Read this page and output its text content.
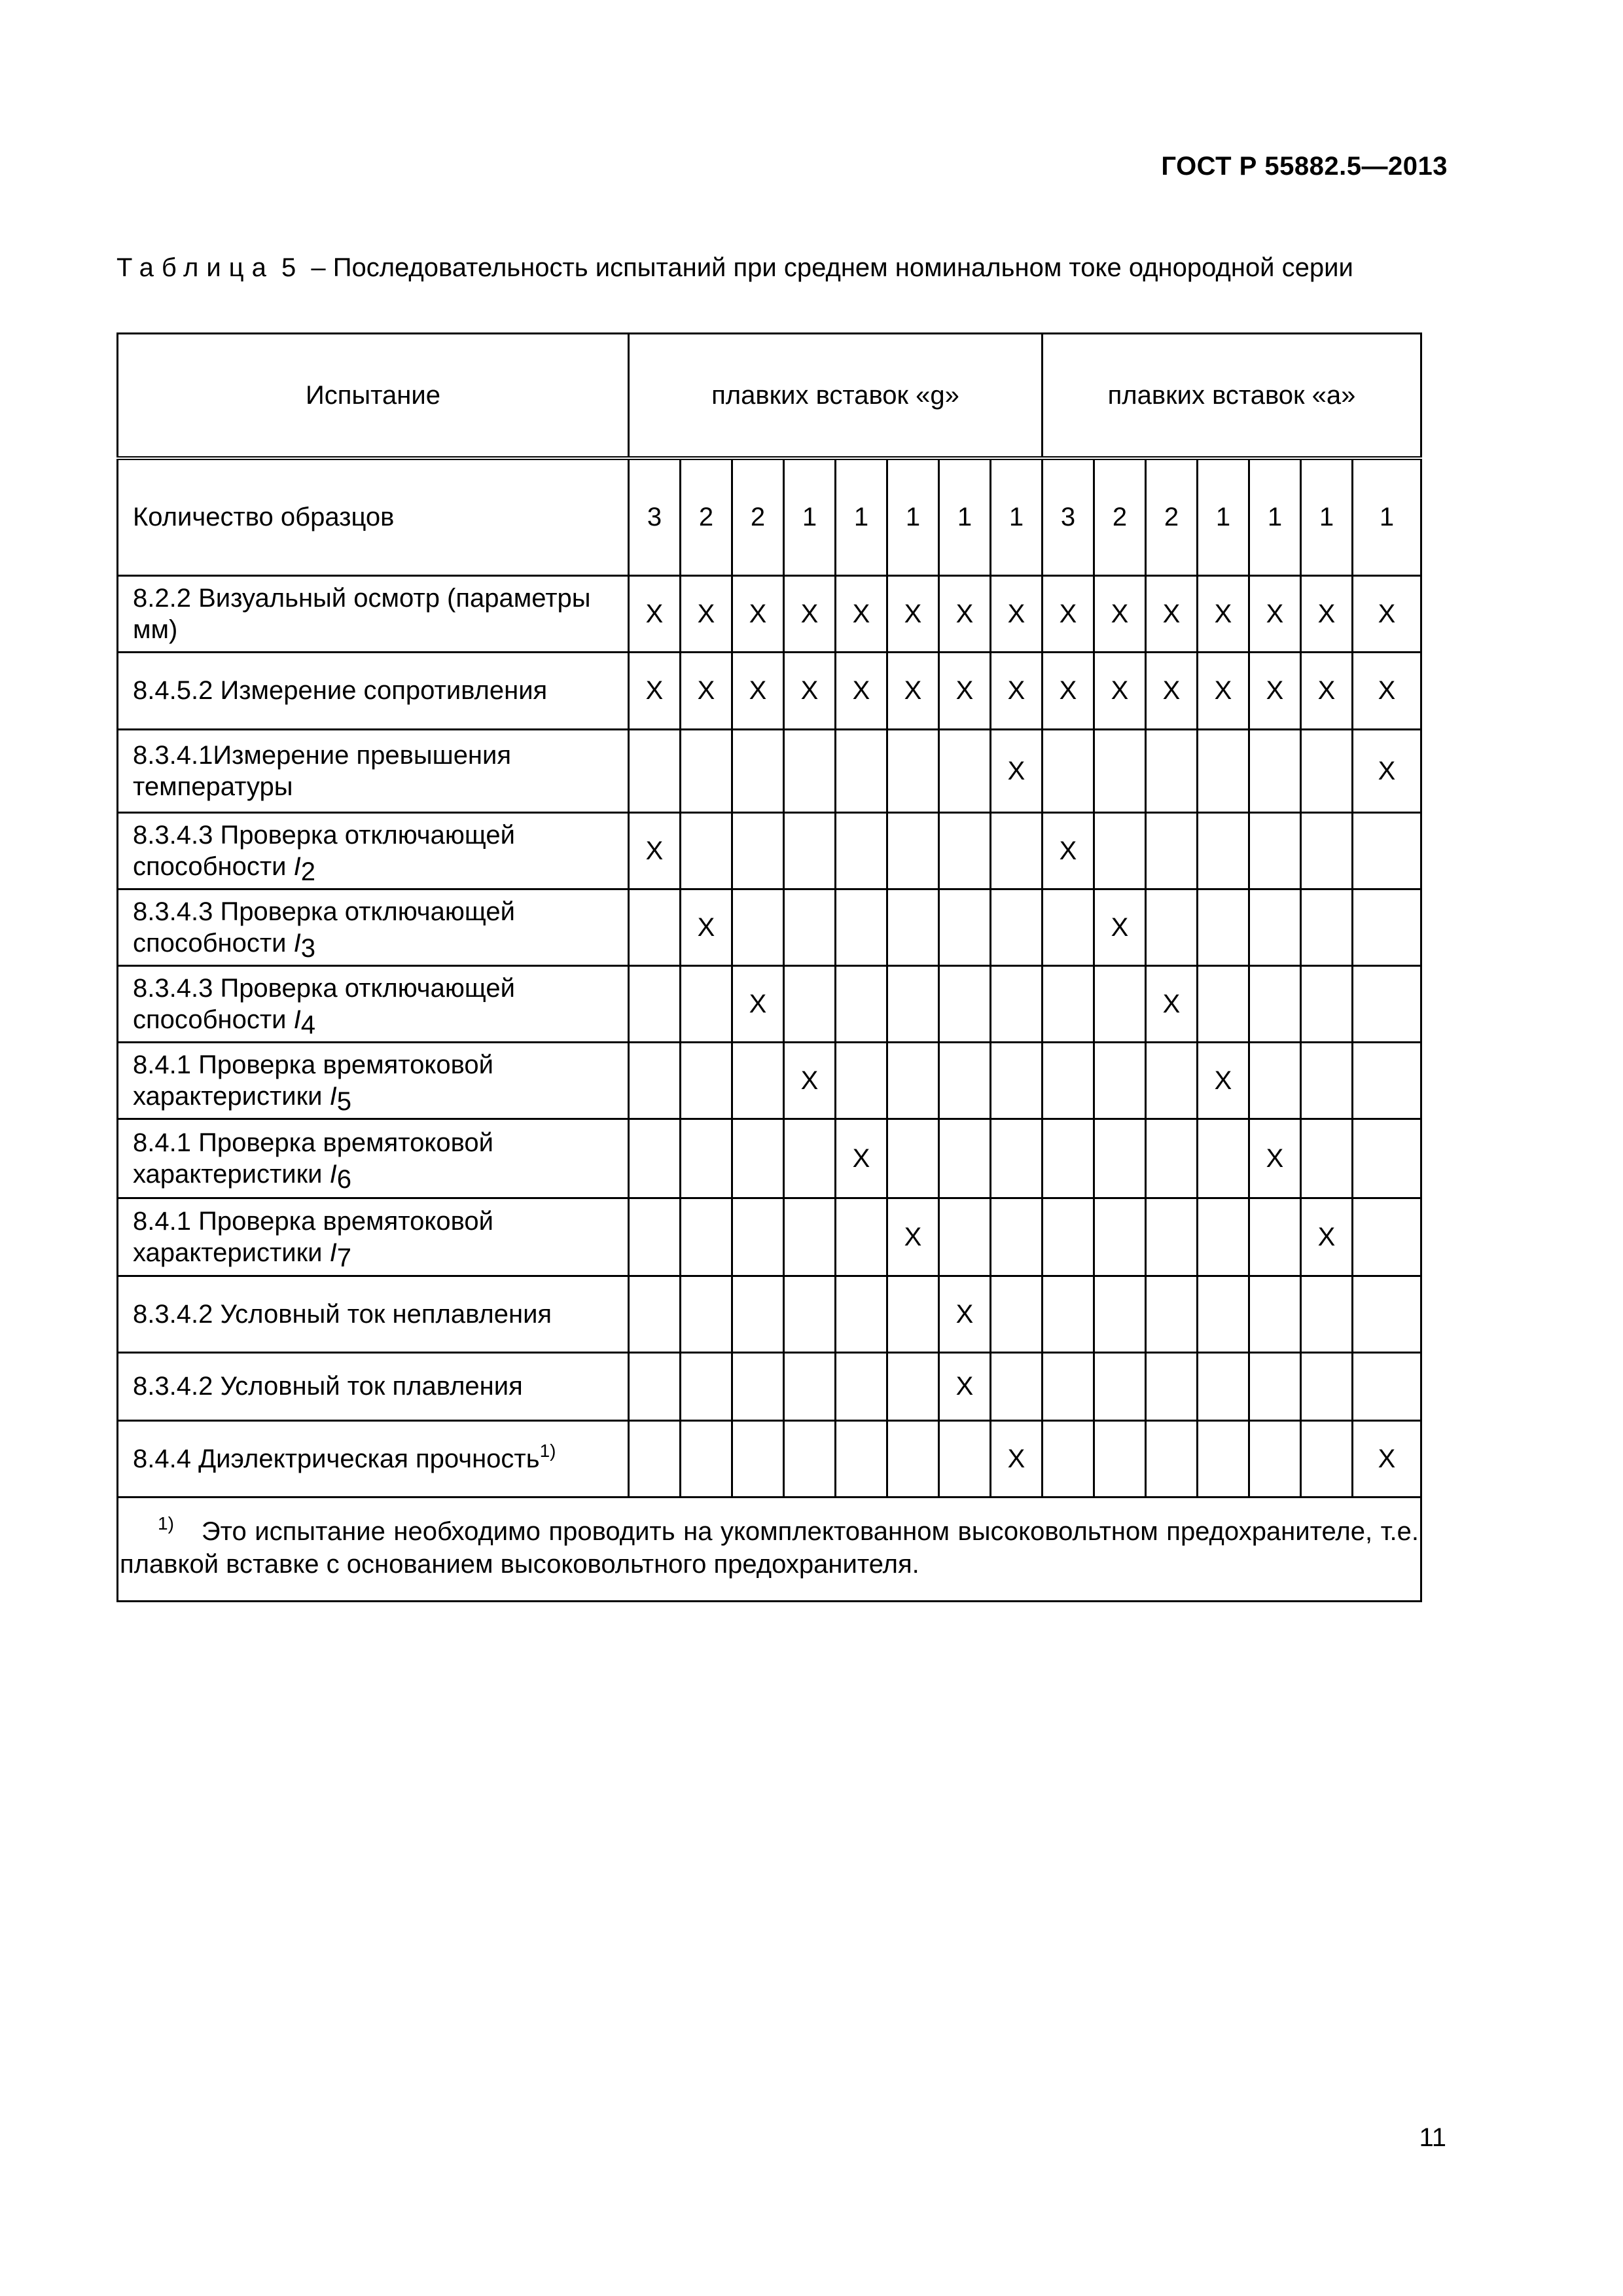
ГОСТ Р 55882.5—2013
Таблица 5 – Последовательность испытаний при среднем номинальном токе однородной серии
Испытание	плавких вставок «g»								плавких вставок «a»						
Количество образцов	3	2	2	1	1	1	1	1	3	2	2	1	1	1	1
8.2.2 Визуальный осмотр (параметры мм)	X	X	X	X	X	X	X	X	X	X	X	X	X	X	X
8.4.5.2 Измерение сопротивления	X	X	X	X	X	X	X	X	X	X	X	X	X	X	X
8.3.4.1Измерение превышения температуры								X							X
8.3.4.3 Проверка отключающей способности $I_2$	X								X						
8.3.4.3 Проверка отключающей способности $I_3$		X								X					
8.3.4.3 Проверка отключающей способности $I_4$			X								X				
8.4.1 Проверка времятоковой характеристики $I_5$				X								X			
8.4.1 Проверка времятоковой характеристики $I_6$					X								X		
8.4.1 Проверка времятоковой характеристики $I_7$						X								X	
8.3.4.2 Условный ток неплавления							X								
8.3.4.2 Условный ток плавления							X								
8.4.4 Диэлектрическая прочность$^{1)}$								X							X
$^{1)}$ Это испытание необходимо проводить на укомплектованном высоковольтном предохранителе, т.е. плавкой вставке с основанием высоковольтного предохранителя.															
11
